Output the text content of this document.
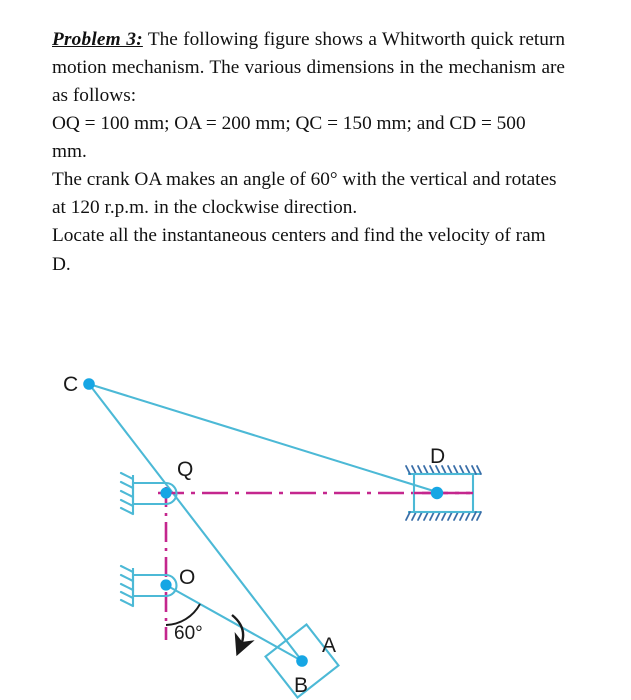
Problem 3: The following figure shows a Whitworth quick return motion mechanism. The various dimensions in the mechanism are as follows:

OQ = 100 mm; OA = 200 mm; QC = 150 mm; and CD = 500 mm.

The crank OA makes an angle of 60° with the vertical and rotates at 120 r.p.m. in the clockwise direction.

Locate all the instantaneous centers and find the velocity of ram D.

Q
O
60°
A
B
D
C
